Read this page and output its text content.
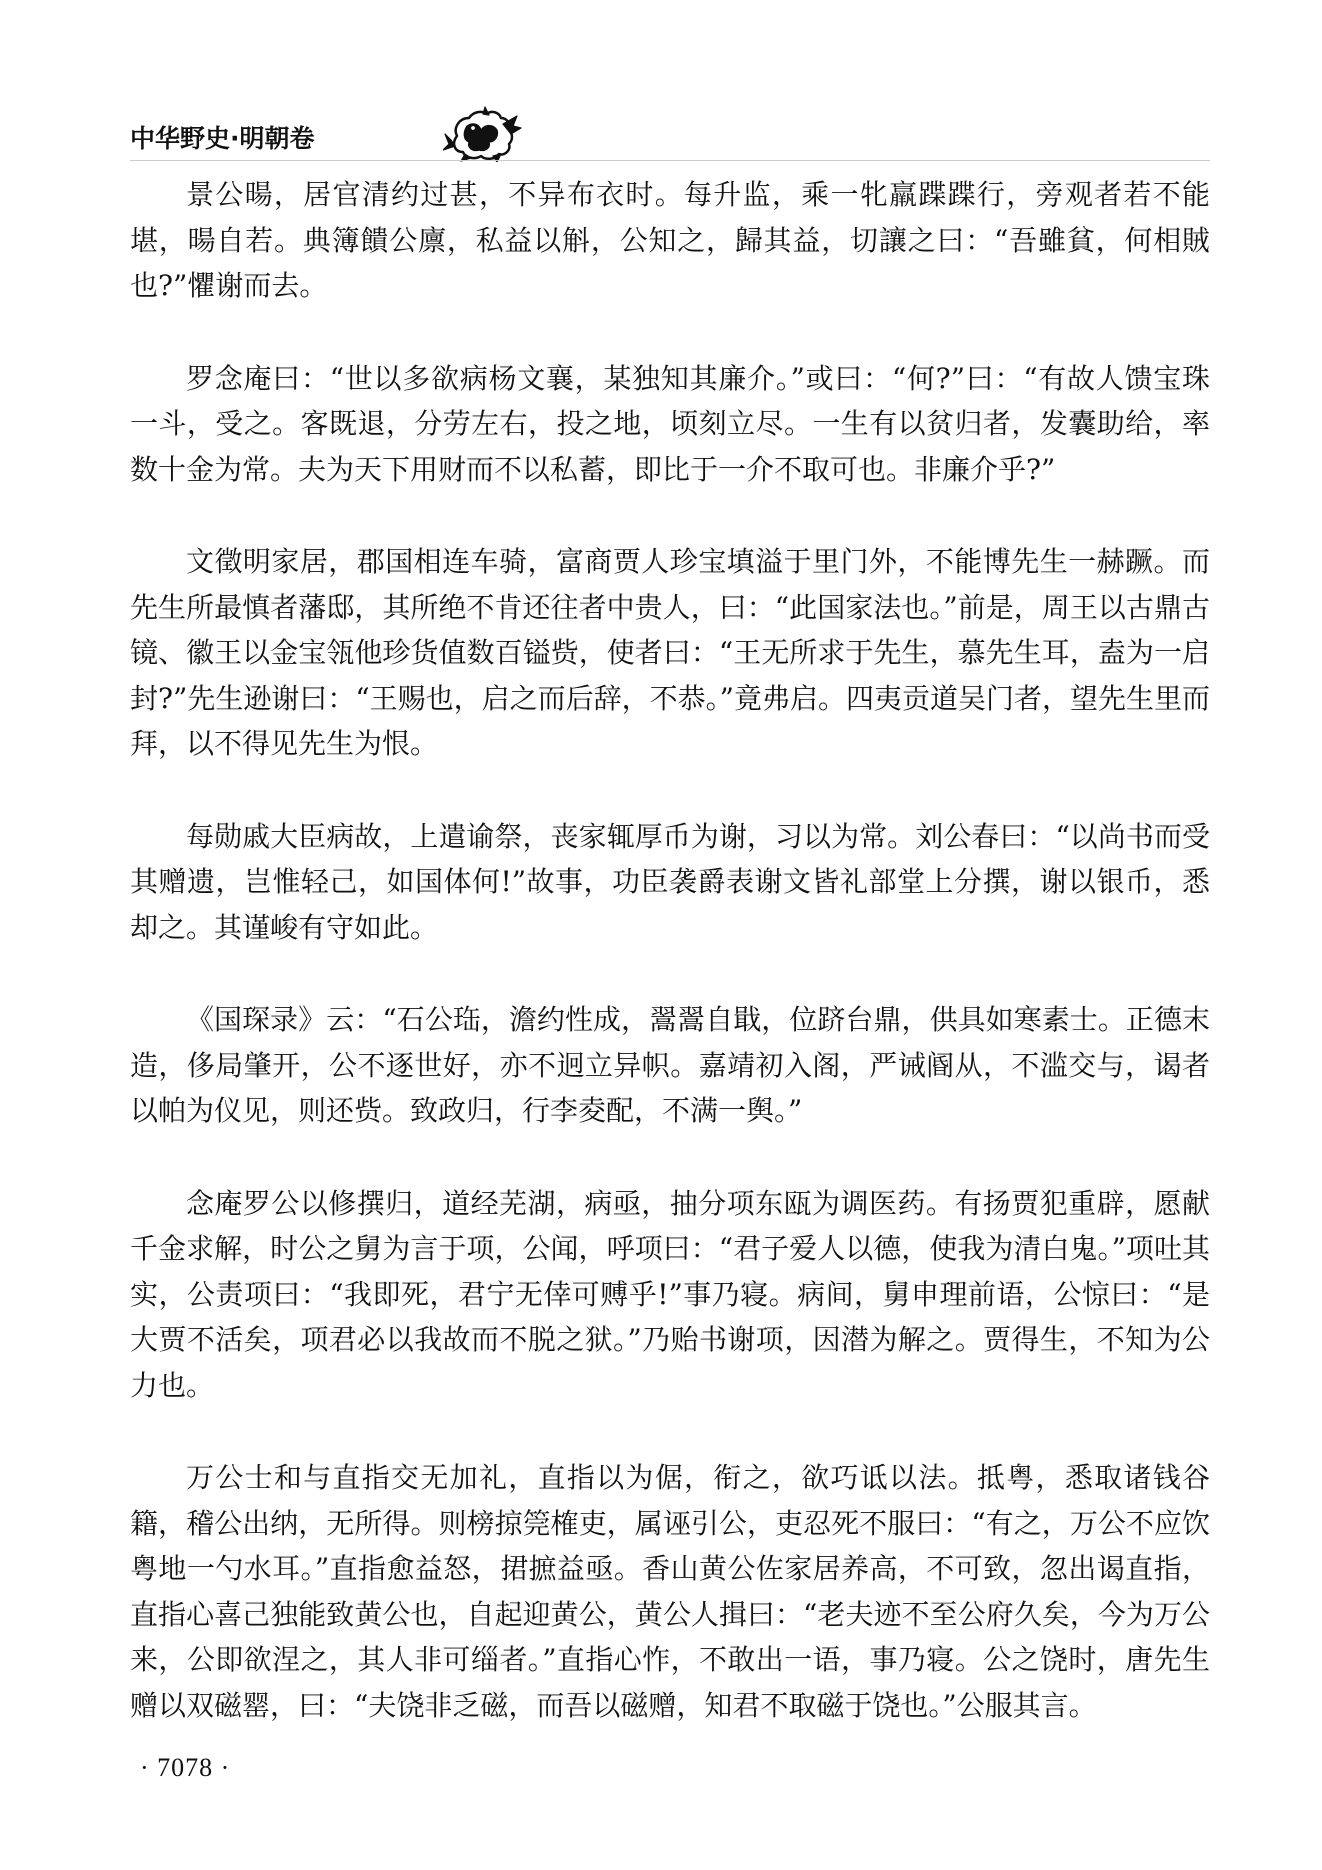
中华野史·明朝卷

景公暘，居官清约过甚，不异布衣时。每升监，乘一牝羸蹀蹀行，旁观者若不能堪，暘自若。典簿饋公廪，私益以斛，公知之，歸其益，切讓之曰：“吾雖貧，何相賊也?”懼谢而去。

罗念庵曰：“世以多欲病杨文襄，某独知其廉介。”或曰：“何?”曰：“有故人馈宝珠一斗，受之。客既退，分劳左右，投之地，顷刻立尽。一生有以贫归者，发囊助给，率数十金为常。夫为天下用财而不以私蓄，即比于一介不取可也。非廉介乎?”

文徵明家居，郡国相连车骑，富商贾人珍宝填溢于里门外，不能博先生一赫蹶。而先生所最慎者藩邸，其所绝不肯还往者中贵人，曰：“此国家法也。”前是，周王以古鼎古镜、徽王以金宝瓴他珍货值数百镒赀，使者曰：“王无所求于先生，慕先生耳，盍为一启封?”先生逊谢曰：“王赐也，启之而后辞，不恭。”竟弗启。四夷贡道吴门者，望先生里而拜，以不得见先生为恨。

每勋戚大臣病故，上遣谕祭，丧家辄厚币为谢，习以为常。刘公春曰：“以尚书而受其赠遗，岂惟轻己，如国体何!”故事，功臣袭爵表谢文皆礼部堂上分撰，谢以银币，悉却之。其谨峻有守如此。

《国琛录》云：“石公珤，澹约性成，翯翯自戢，位跻台鼎，供具如寒素士。正德末造，侈局肇开，公不逐世好，亦不迥立异帜。嘉靖初入阁，严诫阍从，不滥交与，谒者以帕为仪见，则还赀。致政归，行李夌配，不满一舆。”

念庵罗公以修撰归，道经芜湖，病亟，抽分项东瓯为调医药。有扬贾犯重辟，愿献千金求解，时公之舅为言于项，公闻，呼项曰：“君子爱人以德，使我为清白鬼。”项吐其实，公责项曰：“我即死，君宁无倖可赙乎!”事乃寝。病间，舅申理前语，公惊曰：“是大贾不活矣，项君必以我故而不脱之狱。”乃贻书谢项，因潜为解之。贾得生，不知为公力也。

万公士和与直指交无加礼，直指以为倨，衔之，欲巧诋以法。抵粤，悉取诸钱谷籍，稽公出纳，无所得。则榜掠筦榷吏，属诬引公，吏忍死不服曰：“有之，万公不应饮粤地一勺水耳。”直指愈益怒，捃摭益亟。香山黄公佐家居养高，不可致，忽出谒直指，直指心喜己独能致黄公也，自起迎黄公，黄公人揖曰：“老夫迹不至公府久矣，今为万公来，公即欲涅之，其人非可缁者。”直指心怍，不敢出一语，事乃寝。公之饶时，唐先生赠以双磁罂，曰：“夫饶非乏磁，而吾以磁赠，知君不取磁于饶也。”公服其言。

· 7078 ·
